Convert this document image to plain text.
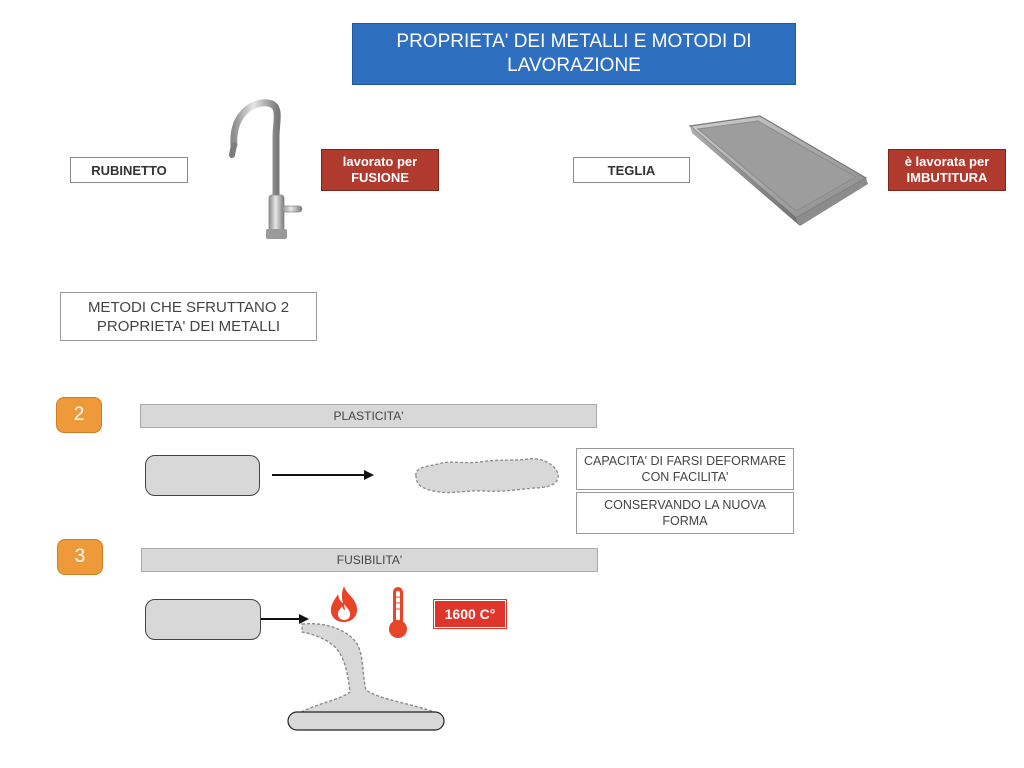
PROPRIETA' DEI METALLI E MOTODI DI LAVORAZIONE
RUBINETTO
lavorato per FUSIONE	TEGLIA
è lavorata per IMBUTITURA
METODI CHE SFRUTTANO 2 PROPRIETA' DEI METALLI
2	PLASTICITA'
CAPACITA' DI FARSI DEFORMARE CON FACILITA'
CONSERVANDO LA NUOVA FORMA
3	FUSIBILITA'
1600 C°
